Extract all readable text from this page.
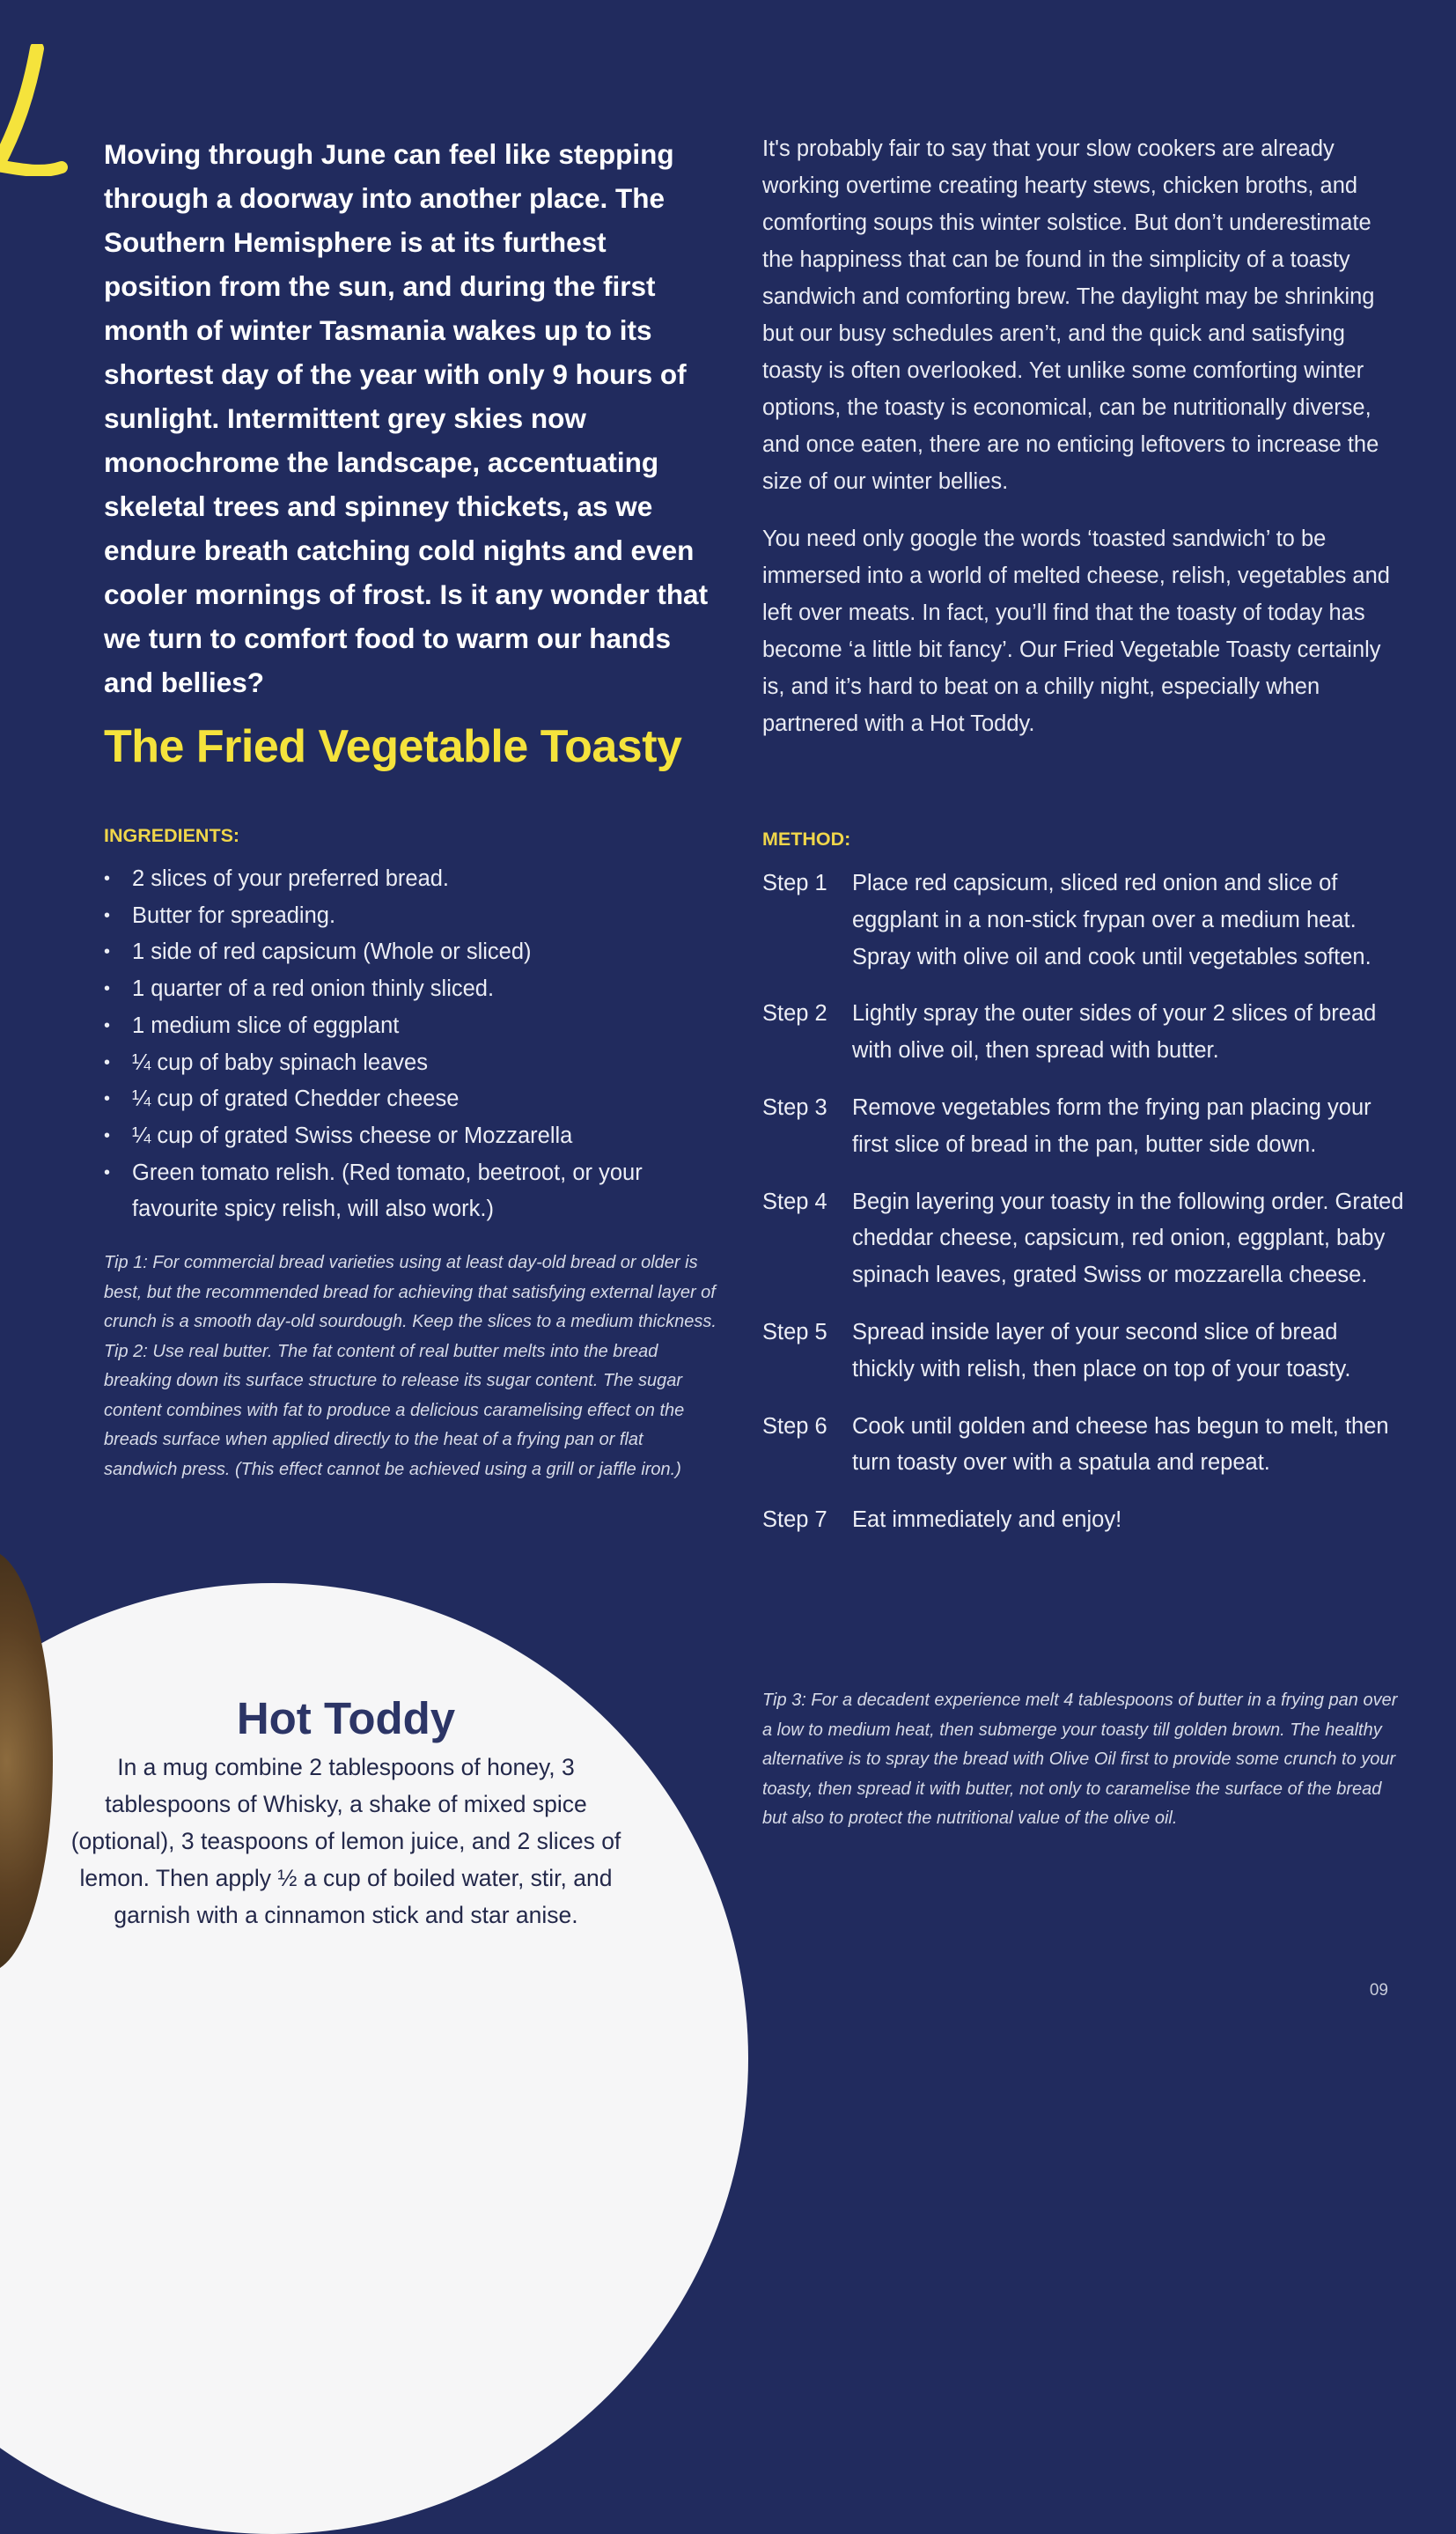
Moving through June can feel like stepping through a doorway into another place. The Southern Hemisphere is at its furthest position from the sun, and during the first month of winter Tasmania wakes up to its shortest day of the year with only 9 hours of sunlight. Intermittent grey skies now monochrome the landscape, accentuating skeletal trees and spinney thickets, as we endure breath catching cold nights and even cooler mornings of frost. Is it any wonder that we turn to comfort food to warm our hands and bellies?

It's probably fair to say that your slow cookers are already working overtime creating hearty stews, chicken broths, and comforting soups this winter solstice. But don’t underestimate the happiness that can be found in the simplicity of a toasty sandwich and comforting brew. The daylight may be shrinking but our busy schedules aren’t, and the quick and satisfying toasty is often overlooked. Yet unlike some comforting winter options, the toasty is economical, can be nutritionally diverse, and once eaten, there are no enticing leftovers to increase the size of our winter bellies.

You need only google the words ‘toasted sandwich’ to be immersed into a world of melted cheese, relish, vegetables and left over meats. In fact, you’ll find that the toasty of today has become ‘a little bit fancy’. Our Fried Vegetable Toasty certainly is, and it’s hard to beat on a chilly night, especially when partnered with a Hot Toddy.

The Fried Vegetable Toasty
INGREDIENTS:
• 2 slices of your preferred bread.
• Butter for spreading.
• 1 side of red capsicum (Whole or sliced)
• 1 quarter of a red onion thinly sliced.
• 1 medium slice of eggplant
• ¼ cup of baby spinach leaves
• ¼ cup of grated Chedder cheese
• ¼ cup of grated Swiss cheese or Mozzarella
• Green tomato relish. (Red tomato, beetroot, or your favourite spicy relish, will also work.)

Tip 1: For commercial bread varieties using at least day-old bread or older is best, but the recommended bread for achieving that satisfying external layer of crunch is a smooth day-old sourdough. Keep the slices to a medium thickness.

Tip 2: Use real butter. The fat content of real butter melts into the bread breaking down its surface structure to release its sugar content. The sugar content combines with fat to produce a delicious caramelising effect on the breads surface when applied directly to the heat of a frying pan or flat sandwich press. (This effect cannot be achieved using a grill or jaffle iron.)

METHOD:
Step 1	Place red capsicum, sliced red onion and slice of eggplant in a non-stick frypan over a medium heat. Spray with olive oil and cook until vegetables soften.
Step 2	Lightly spray the outer sides of your 2 slices of bread with olive oil, then spread with butter.
Step 3	Remove vegetables form the frying pan placing your first slice of bread in the pan, butter side down.
Step 4	Begin layering your toasty in the following order. Grated cheddar cheese, capsicum, red onion, eggplant, baby spinach leaves, grated Swiss or mozzarella cheese.
Step 5	Spread inside layer of your second slice of bread thickly with relish, then place on top of your toasty.
Step 6	Cook until golden and cheese has begun to melt, then turn toasty over with a spatula and repeat.
Step 7	Eat immediately and enjoy!

Tip 3: For a decadent experience melt 4 tablespoons of butter in a frying pan over a low to medium heat, then submerge your toasty till golden brown. The healthy alternative is to spray the bread with Olive Oil first to provide some crunch to your toasty, then spread it with butter, not only to caramelise the surface of the bread but also to protect the nutritional value of the olive oil.

Hot Toddy

In a mug combine 2 tablespoons of honey, 3 tablespoons of Whisky, a shake of mixed spice (optional), 3 teaspoons of lemon juice, and 2 slices of lemon. Then apply ½ a cup of boiled water, stir, and garnish with a cinnamon stick and star anise.

09
